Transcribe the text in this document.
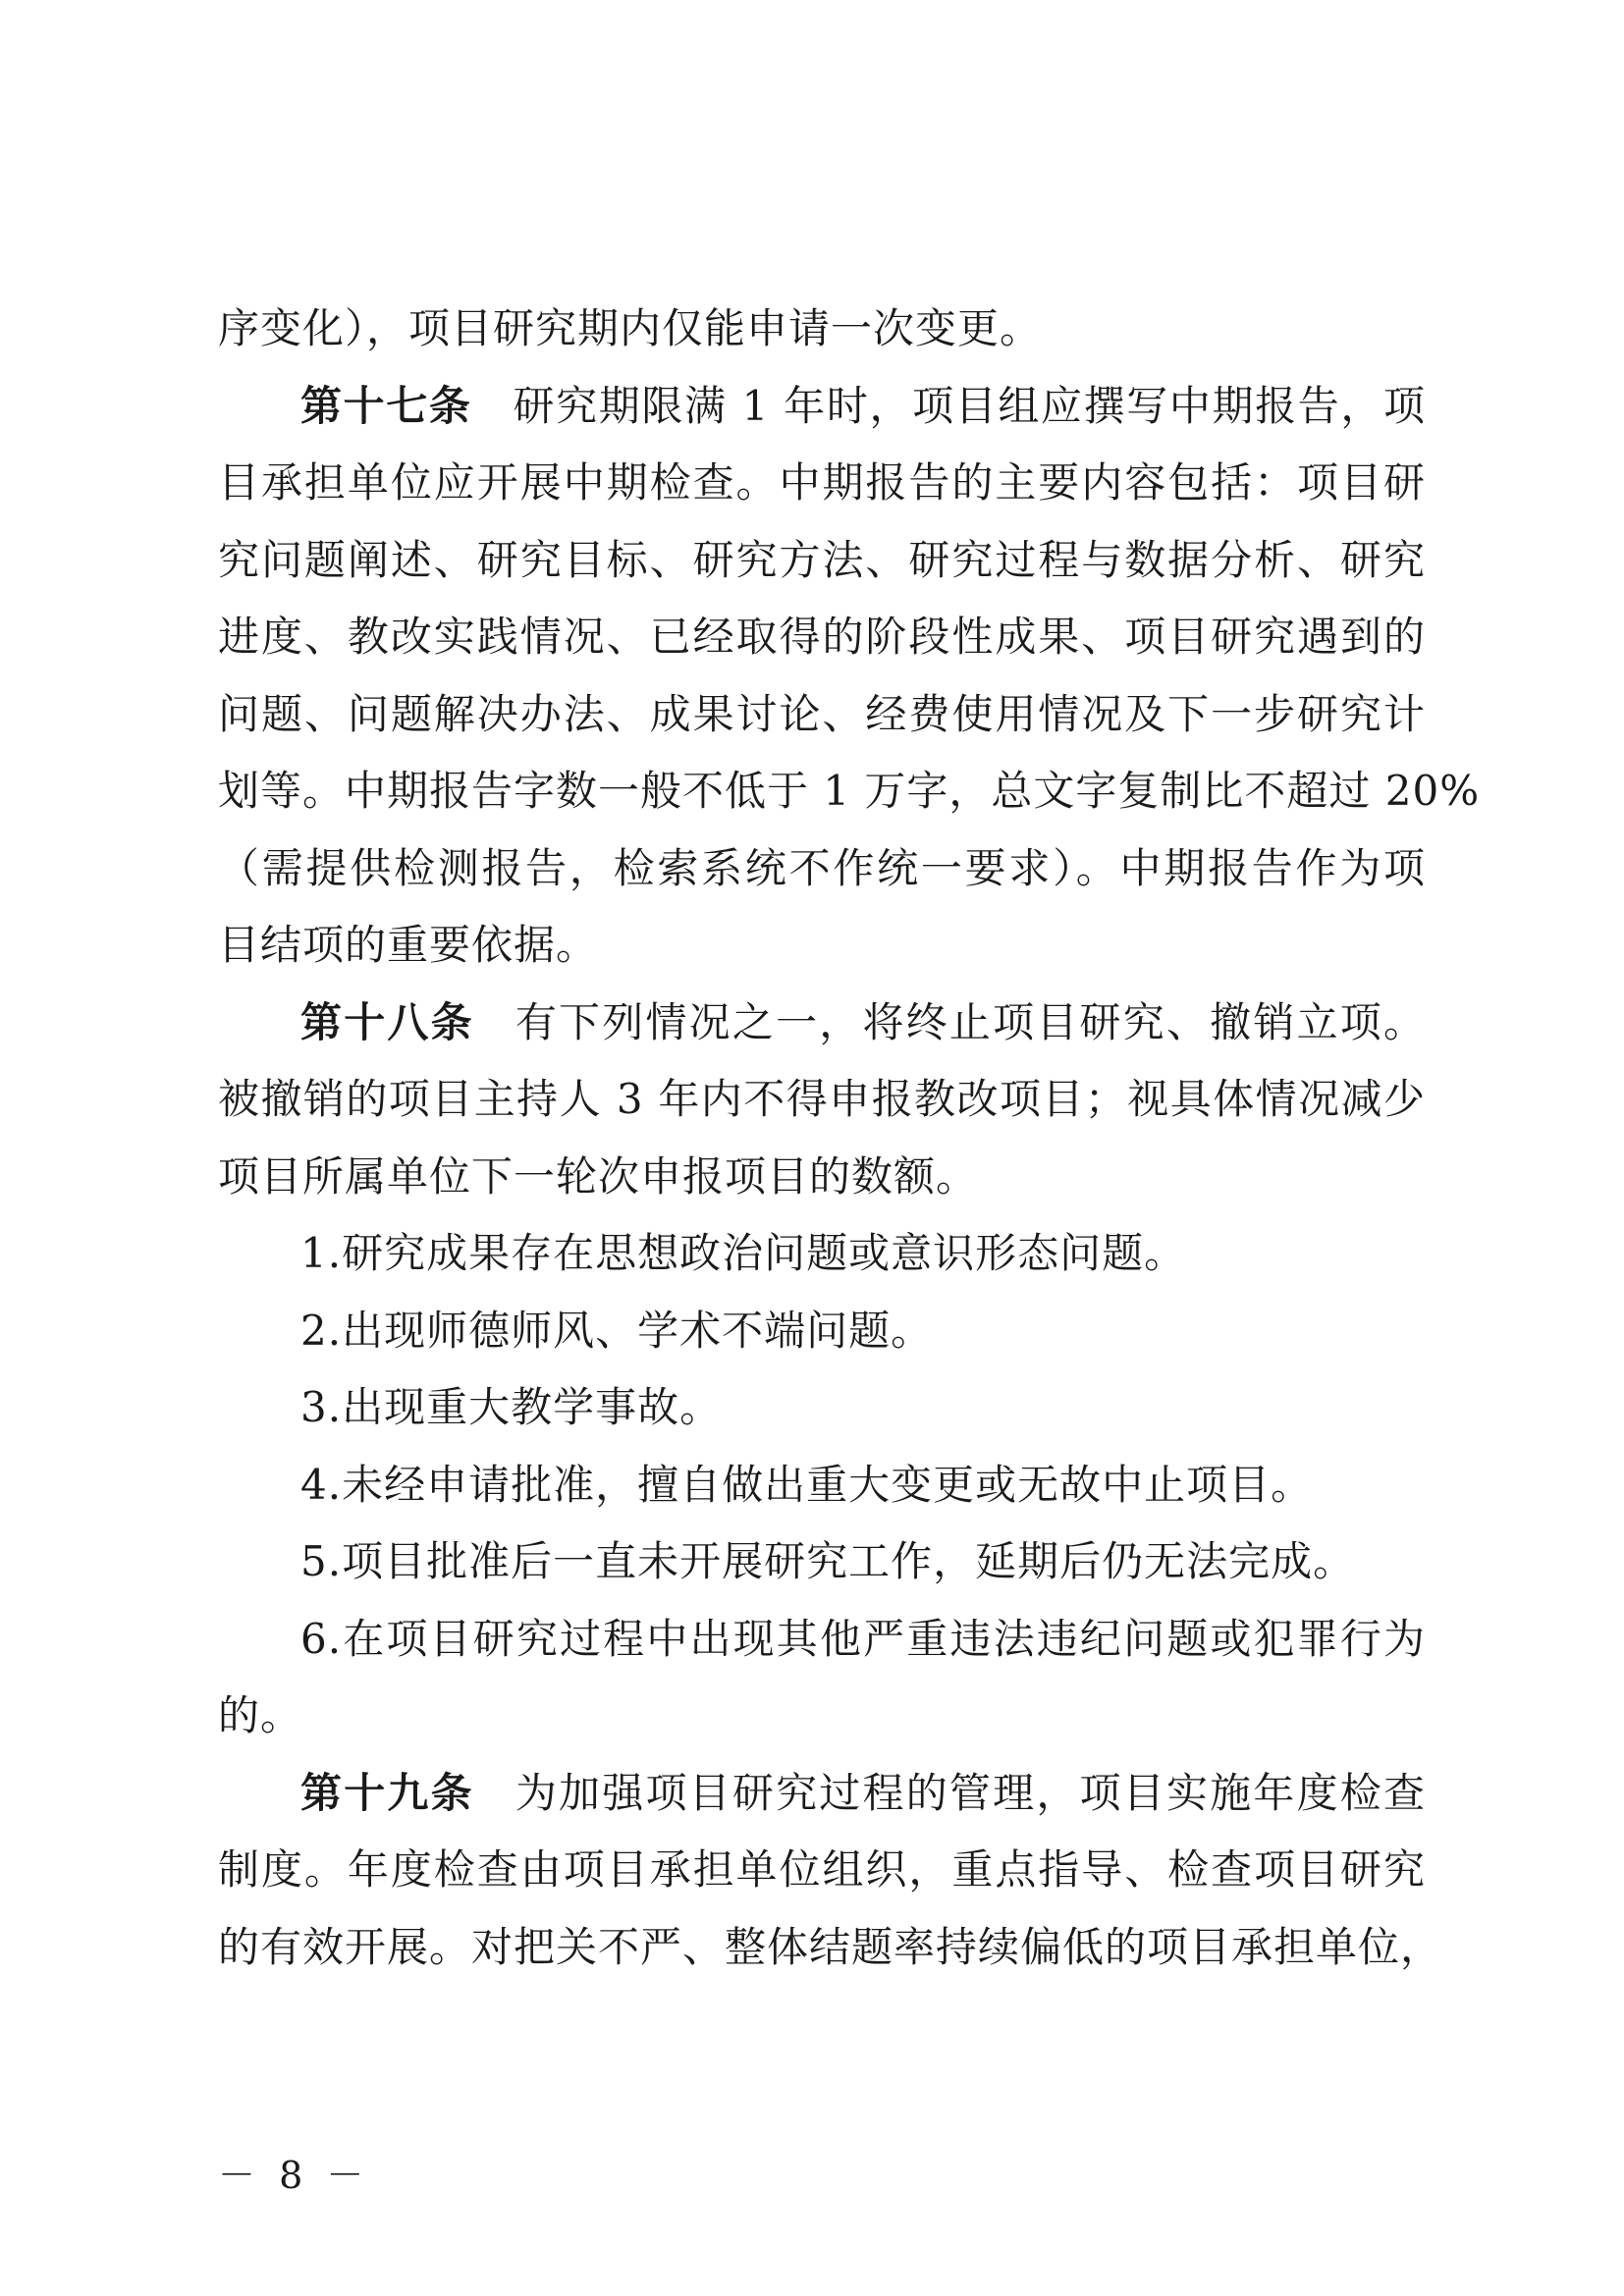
序变化），项目研究期内仅能申请一次变更。
第十七条 研究期限满 1 年时，项目组应撰写中期报告，项
目承担单位应开展中期检查。中期报告的主要内容包括：项目研
究问题阐述、研究目标、研究方法、研究过程与数据分析、研究
进度、教改实践情况、已经取得的阶段性成果、项目研究遇到的
问题、问题解决办法、成果讨论、经费使用情况及下一步研究计
划等。中期报告字数一般不低于 1 万字，总文字复制比不超过 20%
（需提供检测报告，检索系统不作统一要求）。中期报告作为项
目结项的重要依据。
第十八条 有下列情况之一，将终止项目研究、撤销立项。
被撤销的项目主持人 3 年内不得申报教改项目；视具体情况减少
项目所属单位下一轮次申报项目的数额。
1.研究成果存在思想政治问题或意识形态问题。
2.出现师德师风、学术不端问题。
3.出现重大教学事故。
4.未经申请批准，擅自做出重大变更或无故中止项目。
5.项目批准后一直未开展研究工作，延期后仍无法完成。
6.在项目研究过程中出现其他严重违法违纪问题或犯罪行为
的。
第十九条 为加强项目研究过程的管理，项目实施年度检查
制度。年度检查由项目承担单位组织，重点指导、检查项目研究
的有效开展。对把关不严、整体结题率持续偏低的项目承担单位，
－ 8 －
